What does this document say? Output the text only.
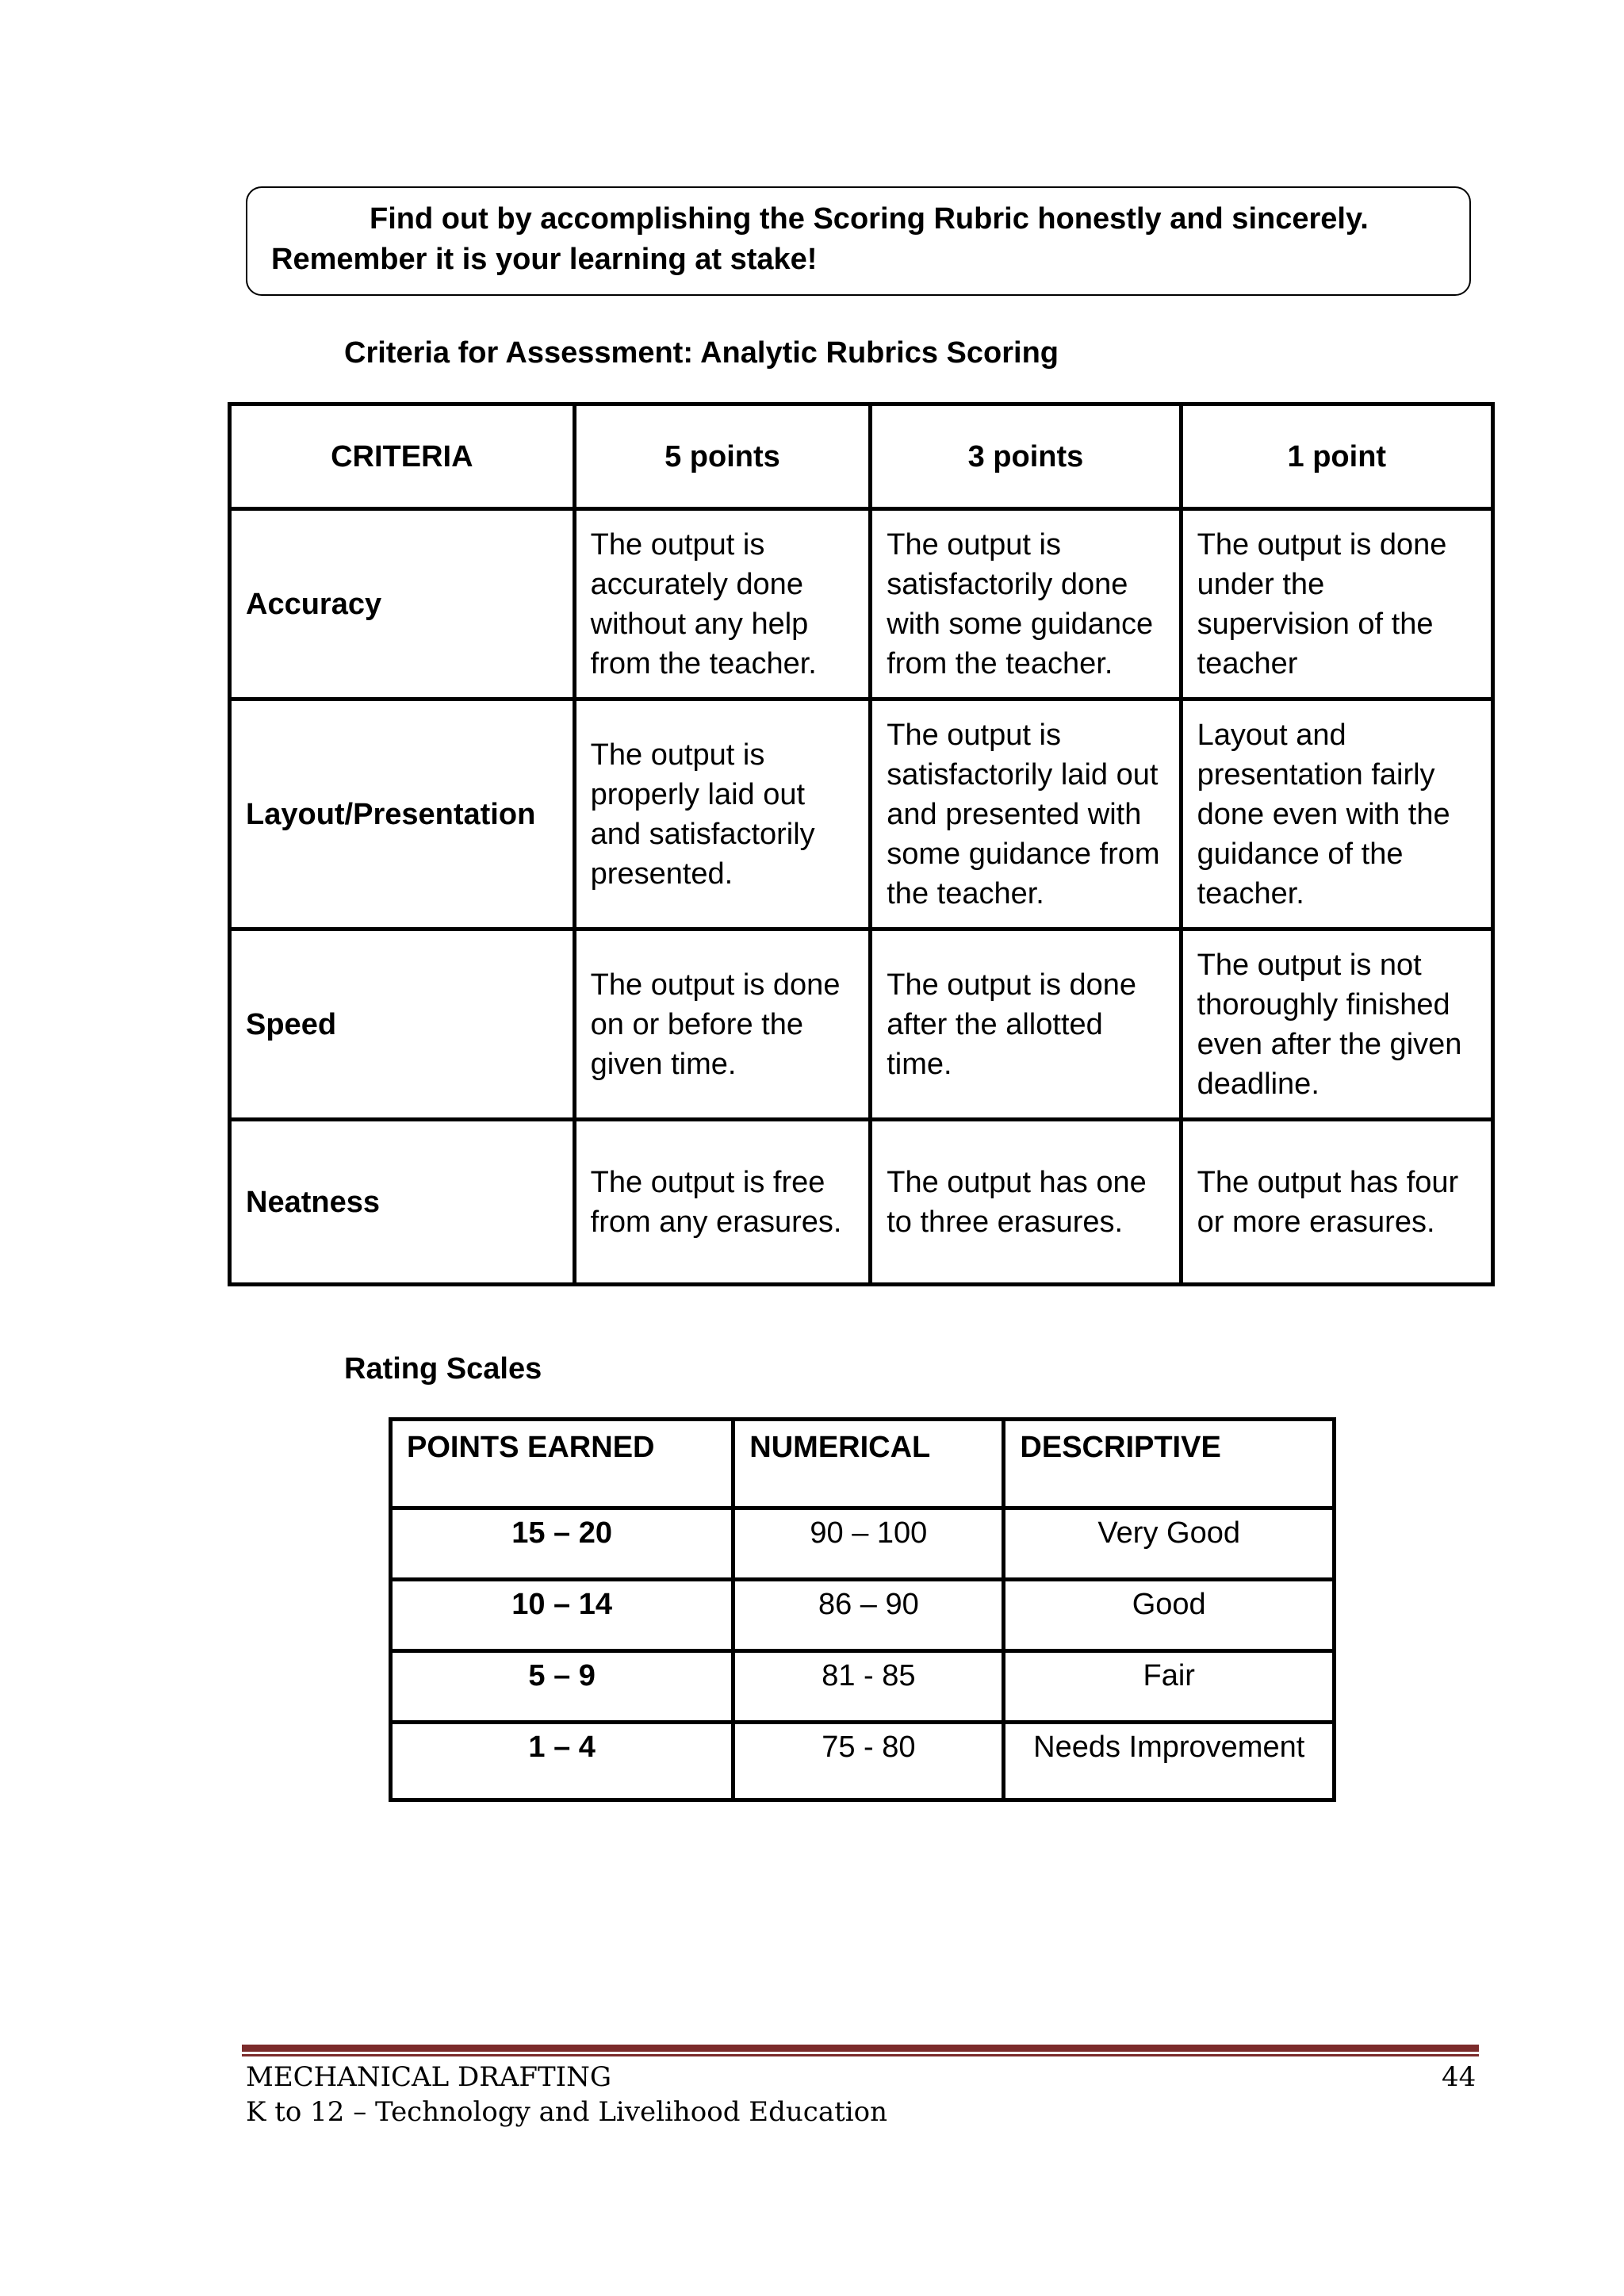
Find out by accomplishing the Scoring Rubric honestly and sincerely.
Remember it is your learning at stake!
Criteria for Assessment: Analytic Rubrics Scoring
CRITERIA	5 points	3 points	1 point
Accuracy	The output is accurately done without any help from the teacher.	The output is satisfactorily done with some guidance from the teacher.	The output is done under the supervision of the teacher
Layout/Presentation	The output is properly laid out and satisfactorily presented.	The output is satisfactorily laid out and presented with some guidance from the teacher.	Layout and presentation fairly done even with the guidance of the teacher.
Speed	The output is done on or before the given time.	The output is done after the allotted time.	The output is not thoroughly finished even after the given deadline.
Neatness	The output is free from any erasures.	The output has one to three erasures.	The output has four or more erasures.
Rating Scales
POINTS EARNED	NUMERICAL	DESCRIPTIVE
15 – 20	90 – 100	Very Good
10 – 14	86 – 90	Good
5 – 9	81 - 85	Fair
1 – 4	75 - 80	Needs Improvement
MECHANICAL DRAFTING	44
K to 12 – Technology and Livelihood Education
